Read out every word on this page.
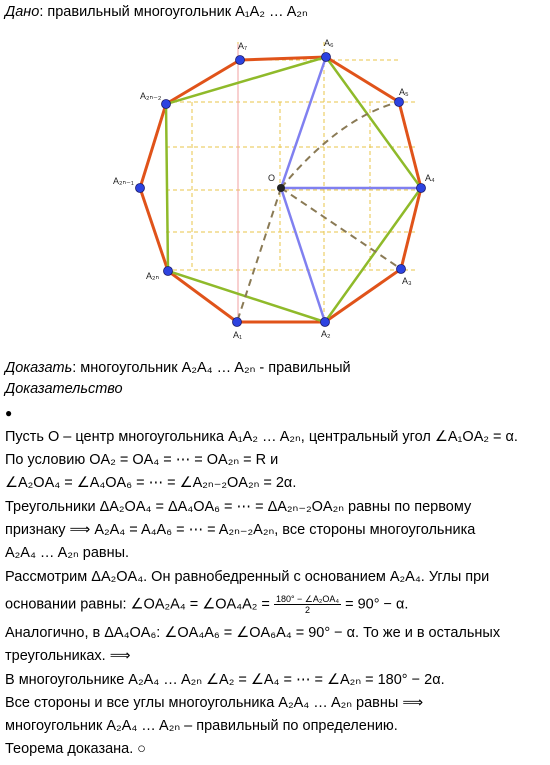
Дано: правильный многоугольник A₁A₂ … A₂ₙ
O
A₇	A₆
A₅
A₄
A₃
A₂
A₁
A₂ₙ
A₂ₙ₋₁
A₂ₙ₋₂
Доказать: многоугольник A₂A₄ … A₂ₙ - правильный
Доказательство
●
Пусть O – центр многоугольника A₁A₂ … A₂ₙ, центральный угол ∠A₁OA₂ = α.
По условию OA₂ = OA₄ = ⋯ = OA₂ₙ = R и
∠A₂OA₄ = ∠A₄OA₆ = ⋯ = ∠A₂ₙ₋₂OA₂ₙ = 2α.
Треугольники ΔA₂OA₄ = ΔA₄OA₆ = ⋯ = ΔA₂ₙ₋₂OA₂ₙ равны по первому
признаку ⟹ A₂A₄ = A₄A₆ = ⋯ = A₂ₙ₋₂A₂ₙ, все стороны многоугольника
A₂A₄ … A₂ₙ равны.
Рассмотрим ΔA₂OA₄. Он равнобедренный с основанием A₂A₄. Углы при
основании равны: ∠OA₂A₄ = ∠OA₄A₂ = $\frac{\text{180° − ∠A₂OA₄}}{2} = 90^\circ - \alpha$.
Аналогично, в ΔA₄OA₆: ∠OA₄A₆ = ∠OA₆A₄ = 90° − α. То же и в остальных
треугольниках. ⟹
В многоугольнике A₂A₄ … A₂ₙ ∠A₂ = ∠A₄ = ⋯ = ∠A₂ₙ = 180° − 2α.
Все стороны и все углы многоугольника A₂A₄ … A₂ₙ равны ⟹
многоугольник A₂A₄ … A₂ₙ – правильный по определению.
Теорема доказана. ○
